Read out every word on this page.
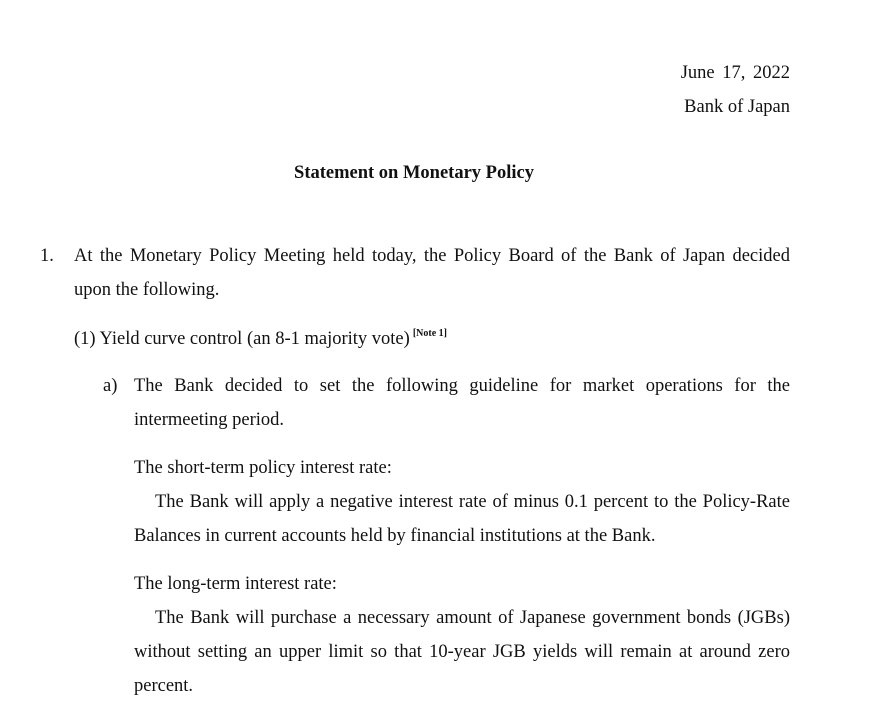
June 17, 2022
Bank of Japan
Statement on Monetary Policy
1. At the Monetary Policy Meeting held today, the Policy Board of the Bank of Japan decided
upon the following.
(1) Yield curve control (an 8-1 majority vote) [Note 1]
a) The Bank decided to set the following guideline for market operations for the
intermeeting period.
The short-term policy interest rate:
The Bank will apply a negative interest rate of minus 0.1 percent to the Policy-Rate
Balances in current accounts held by financial institutions at the Bank.
The long-term interest rate:
The Bank will purchase a necessary amount of Japanese government bonds (JGBs)
without setting an upper limit so that 10-year JGB yields will remain at around zero
percent.
